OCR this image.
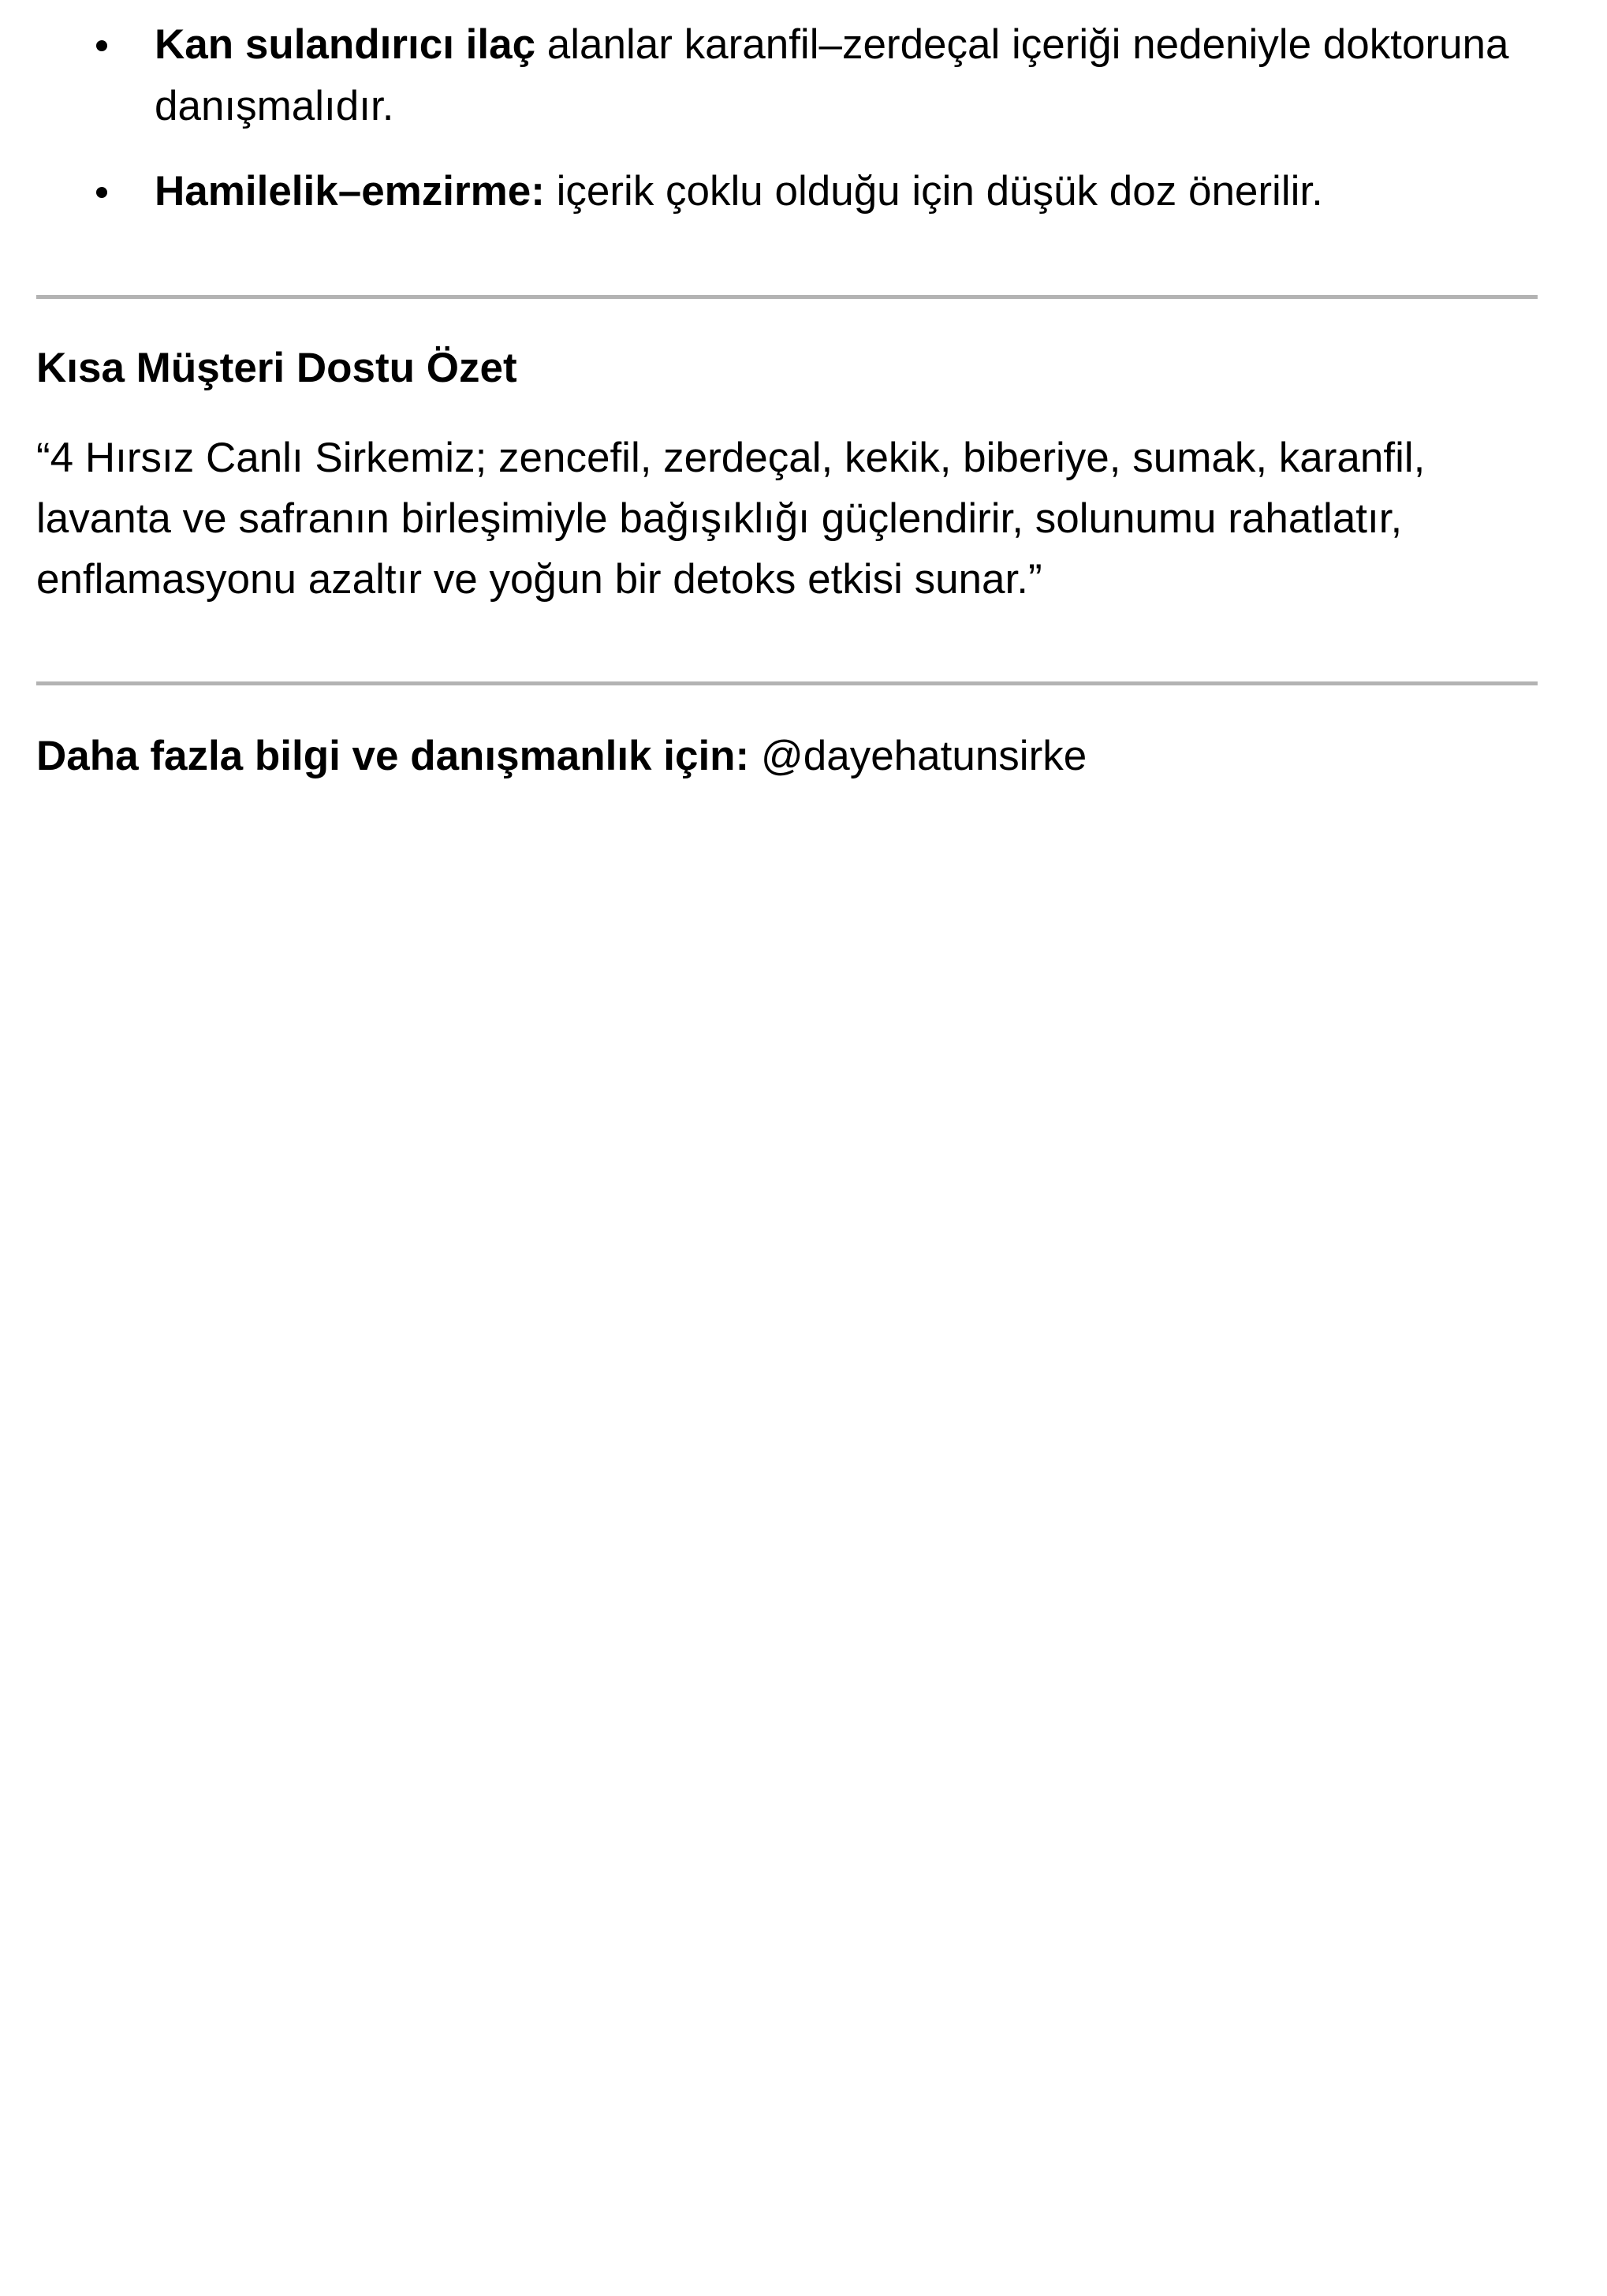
Kan sulandırıcı ilaç alanlar karanfil–zerdeçal içeriği nedeniyle doktoruna danışmalıdır.
Hamilelik–emzirme: içerik çoklu olduğu için düşük doz önerilir.
Kısa Müşteri Dostu Özet

“4 Hırsız Canlı Sirkemiz; zencefil, zerdeçal, kekik, biberiye, sumak, karanfil, lavanta ve safranın birleşimiyle bağışıklığı güçlendirir, solunumu rahatlatır, enflamasyonu azaltır ve yoğun bir detoks etkisi sunar.”

Daha fazla bilgi ve danışmanlık için: @dayehatunsirke
